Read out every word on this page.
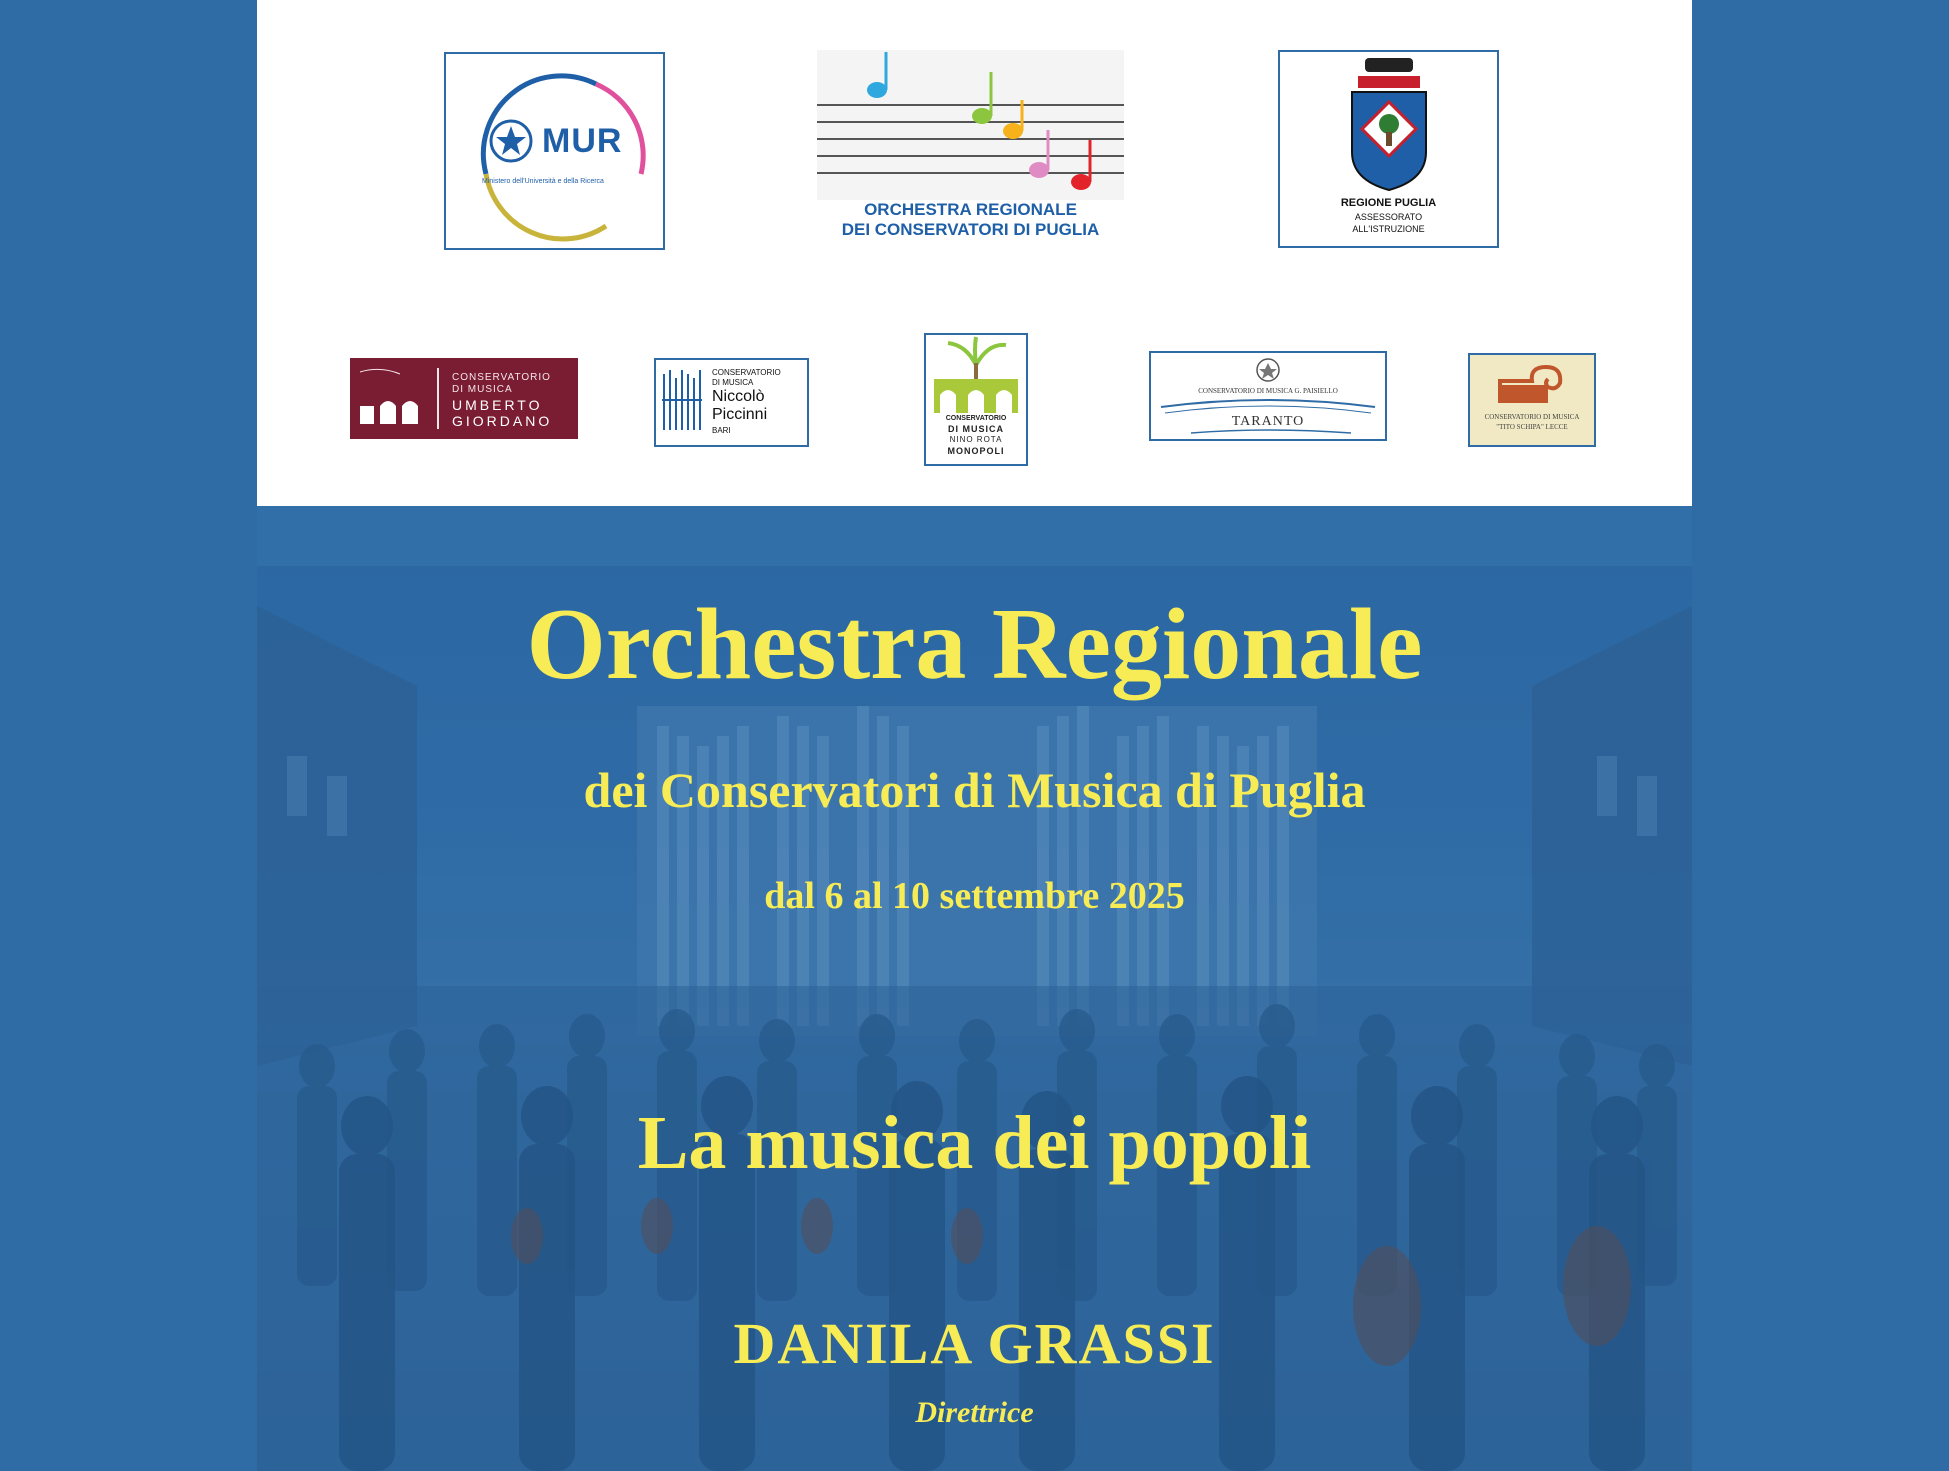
MUR
Ministero dell'Università e della Ricerca
ORCHESTRA REGIONALE
DEI CONSERVATORI DI PUGLIA
REGIONE PUGLIA
ASSESSORATO
ALL'ISTRUZIONE
CONSERVATORIO
DI MUSICA
UMBERTO
GIORDANO
CONSERVATORIO
DI MUSICA
Niccolò
Piccinni
BARI
CONSERVATORIO
DI MUSICA
NINO ROTA
MONOPOLI
CONSERVATORIO DI MUSICA G. PAISIELLO
TARANTO	CONSERVATORIO DI MUSICA
"TITO SCHIPA" LECCE
Orchestra Regionale
dei Conservatori di Musica di Puglia
dal 6 al 10 settembre 2025
La musica dei popoli
DANILA GRASSI
Direttrice
